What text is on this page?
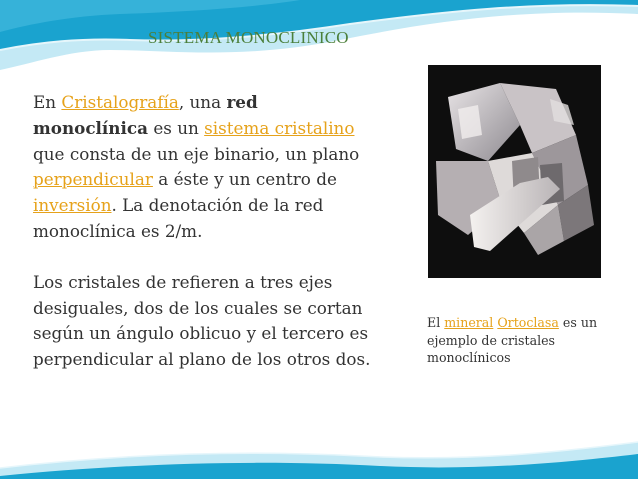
SISTEMA MONOCLINICO

En Cristalografía, una red monoclínica es un sistema cristalino que consta de un eje binario, un plano perpendicular a éste y un centro de inversión. La denotación de la red monoclínica es 2/m.

Los cristales de refieren a tres ejes desiguales, dos de los cuales se cortan según un ángulo oblicuo y el tercero es perpendicular al plano de los otros dos.

El mineral Ortoclasa es un ejemplo de cristales monoclínicos
